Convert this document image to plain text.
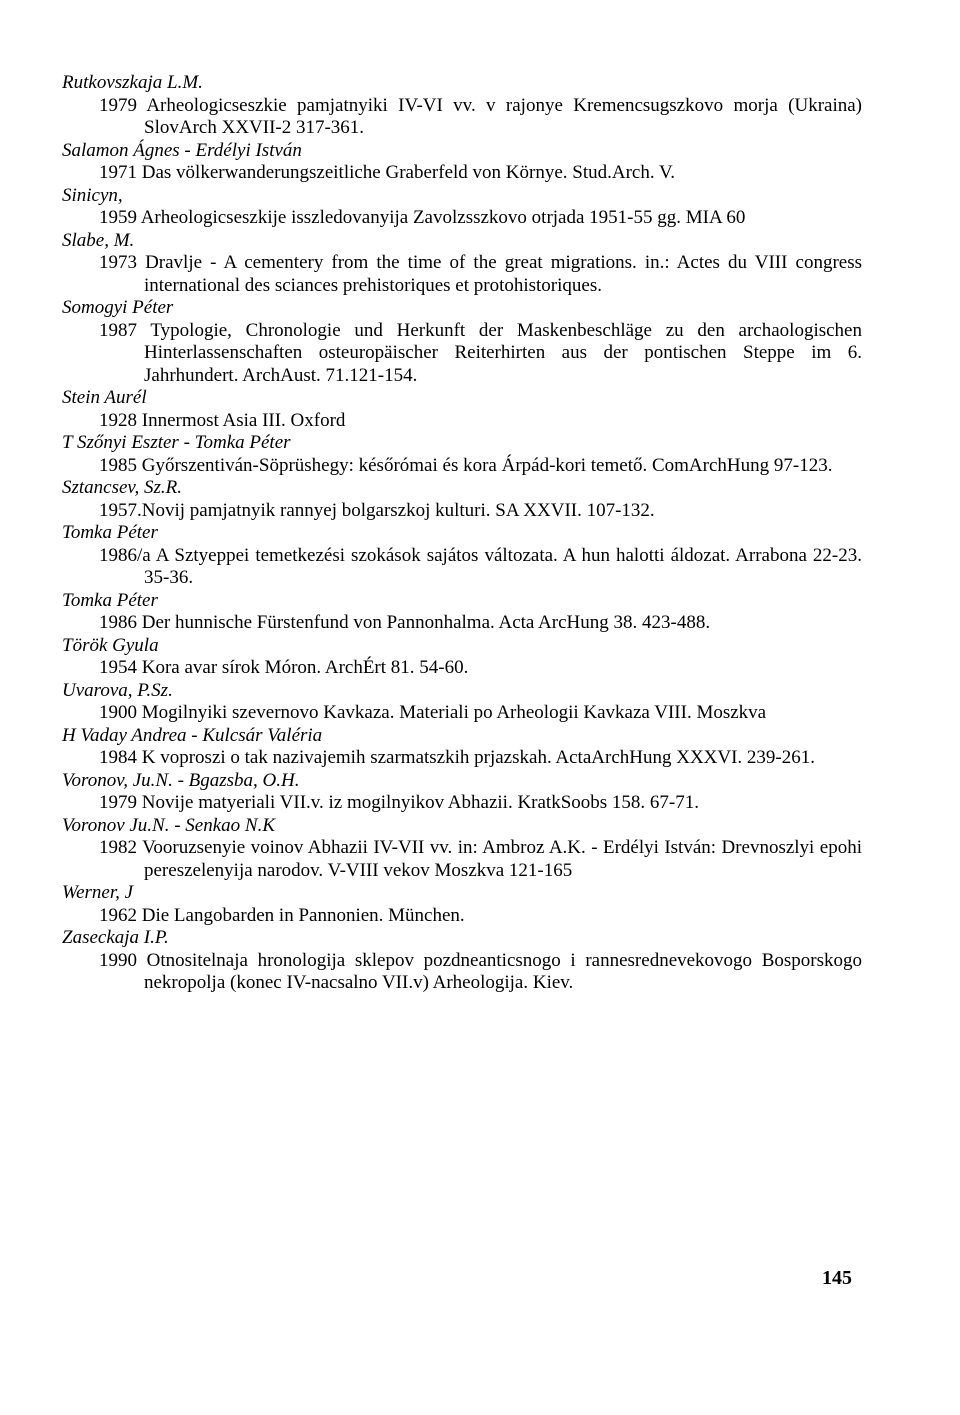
Rutkovszkaja L.M.

1979 Arheologicseszkie pamjatnyiki IV-VI vv. v rajonye Kremencsugszkovo morja (Ukraina) SlovArch XXVII-2 317-361.

Salamon Ágnes - Erdélyi István

1971 Das völkerwanderungszeitliche Graberfeld von Környe. Stud.Arch. V.

Sinicyn,

1959 Arheologicseszkije isszledovanyija Zavolzsszkovo otrjada 1951-55 gg. MIA 60

Slabe, M.

1973 Dravlje - A cementery from the time of the great migrations. in.: Actes du VIII congress international des sciances prehistoriques et protohistoriques.

Somogyi Péter

1987 Typologie, Chronologie und Herkunft der Maskenbeschläge zu den archaologischen Hinterlassenschaften osteuropäischer Reiterhirten aus der pontischen Steppe im 6. Jahrhundert. ArchAust. 71.121-154.

Stein Aurél

1928 Innermost Asia III. Oxford

T Szőnyi Eszter - Tomka Péter

1985 Győrszentiván-Söprüshegy: későrómai és kora Árpád-kori temető. ComArchHung 97-123.

Sztancsev, Sz.R.

1957.Novij pamjatnyik rannyej bolgarszkoj kulturi. SA XXVII. 107-132.

Tomka Péter

1986/a A Sztyeppei temetkezési szokások sajátos változata. A hun halotti áldozat. Arrabona 22-23. 35-36.

Tomka Péter

1986 Der hunnische Fürstenfund von Pannonhalma. Acta ArcHung 38. 423-488.

Török Gyula

1954 Kora avar sírok Móron. ArchÉrt 81. 54-60.

Uvarova, P.Sz.

1900 Mogilnyiki szevernovo Kavkaza. Materiali po Arheologii Kavkaza VIII. Moszkva

H Vaday Andrea - Kulcsár Valéria

1984 K voproszi o tak nazivajemih szarmatszkih prjazskah. ActaArchHung XXXVI. 239-261.

Voronov, Ju.N. - Bgazsba, O.H.

1979 Novije matyeriali VII.v. iz mogilnyikov Abhazii. KratkSoobs 158. 67-71.

Voronov Ju.N. - Senkao N.K

1982 Vooruzsenyie voinov Abhazii IV-VII vv. in: Ambroz A.K. - Erdélyi István: Drevnoszlyi epohi pereszelenyija narodov. V-VIII vekov Moszkva 121-165

Werner, J

1962 Die Langobarden in Pannonien. München.

Zaseckaja I.P.

1990 Otnositelnaja hronologija sklepov pozdneanticsnogo i rannesrednevekovogo Bosporskogo nekropolja (konec IV-nacsalno VII.v) Arheologija. Kiev.

145
